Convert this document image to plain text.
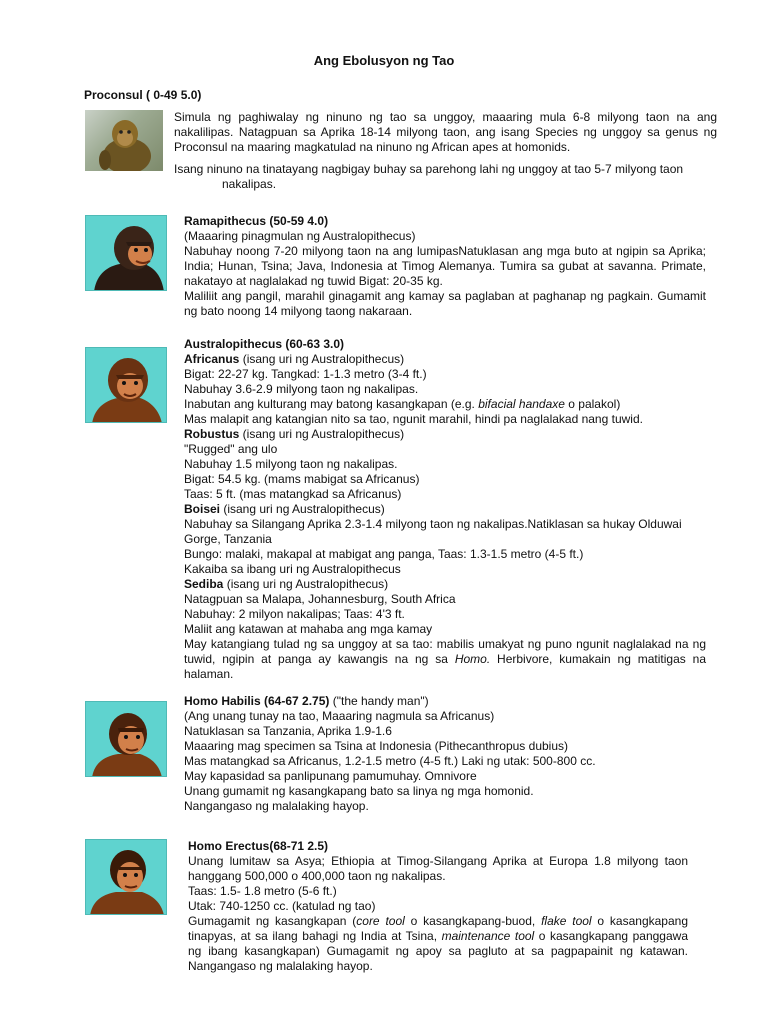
Ang Ebolusyon ng Tao
Proconsul ( 0-49 5.0)
Simula ng paghiwalay ng ninuno ng tao sa unggoy, maaaring mula 6-8 milyong taon na ang nakalilipas. Natagpuan sa Aprika 18-14 milyong taon, ang isang Species ng unggoy sa genus ng Proconsul na maaring magkatulad na ninuno ng African apes at homonids.
Isang ninuno na tinatayang nagbigay buhay sa parehong lahi ng unggoy at tao 5-7 milyong taon
nakalipas.

Ramapithecus (50-59 4.0)

(Maaaring pinagmulan ng Australopithecus)

Nabuhay noong 7-20 milyong taon na ang lumipasNatuklasan ang mga buto at ngipin sa Aprika; India; Hunan, Tsina; Java, Indonesia at Timog Alemanya. Tumira sa gubat at savanna. Primate, nakatayo at naglalakad ng tuwid Bigat: 20-35 kg.

Maliliit ang pangil, marahil ginagamit ang kamay sa paglaban at paghanap ng pagkain. Gumamit ng bato noong 14 milyong taong nakaraan.

Australopithecus (60-63 3.0)

Africanus (isang uri ng Australopithecus)

Bigat: 22-27 kg. Tangkad: 1-1.3 metro (3-4 ft.)

Nabuhay 3.6-2.9 milyong taon ng nakalipas.

Inabutan ang kulturang may batong kasangkapan (e.g. bifacial handaxe o palakol)

Mas malapit ang katangian nito sa tao, ngunit marahil, hindi pa naglalakad nang tuwid.

Robustus (isang uri ng Australopithecus)

"Rugged" ang ulo

Nabuhay 1.5 milyong taon ng nakalipas.

Bigat: 54.5 kg. (mams mabigat sa Africanus)

Taas: 5 ft. (mas matangkad sa Africanus)

Boisei (isang uri ng Australopithecus)

Nabuhay sa Silangang Aprika 2.3-1.4 milyong taon ng nakalipas.Natiklasan sa hukay Olduwai Gorge, Tanzania

Bungo: malaki, makapal at mabigat ang panga, Taas: 1.3-1.5 metro (4-5 ft.)

Kakaiba sa ibang uri ng Australopithecus

Sediba (isang uri ng Australopithecus)

Natagpuan sa Malapa, Johannesburg, South Africa

Nabuhay: 2 milyon nakalipas; Taas: 4'3 ft.

Maliit ang katawan at mahaba ang mga kamay

May katangiang tulad ng sa unggoy at sa tao: mabilis umakyat ng puno ngunit naglalakad na ng tuwid, ngipin at panga ay kawangis na ng sa Homo. Herbivore, kumakain ng matitigas na halaman.

Homo Habilis (64-67 2.75) ("the handy man")

(Ang unang tunay na tao, Maaaring nagmula sa Africanus)

Natuklasan sa Tanzania, Aprika 1.9-1.6

Maaaring mag specimen sa Tsina at Indonesia (Pithecanthropus dubius)

Mas matangkad sa Africanus, 1.2-1.5 metro (4-5 ft.) Laki ng utak: 500-800 cc.

May kapasidad sa panlipunang pamumuhay. Omnivore

Unang gumamit ng kasangkapang bato sa linya ng mga homonid.

Nangangaso ng malalaking hayop.

Homo Erectus(68-71 2.5)

Unang lumitaw sa Asya; Ethiopia at Timog-Silangang Aprika at Europa 1.8 milyong taon hanggang 500,000 o 400,000 taon ng nakalipas.

Taas: 1.5- 1.8 metro (5-6 ft.)

Utak: 740-1250 cc. (katulad ng tao)

Gumagamit ng kasangkapan (core tool o kasangkapang-buod, flake tool o kasangkapang tinapyas, at sa ilang bahagi ng India at Tsina, maintenance tool o kasangkapang panggawa ng ibang kasangkapan) Gumagamit ng apoy sa pagluto at sa pagpapainit ng katawan. Nangangaso ng malalaking hayop.
